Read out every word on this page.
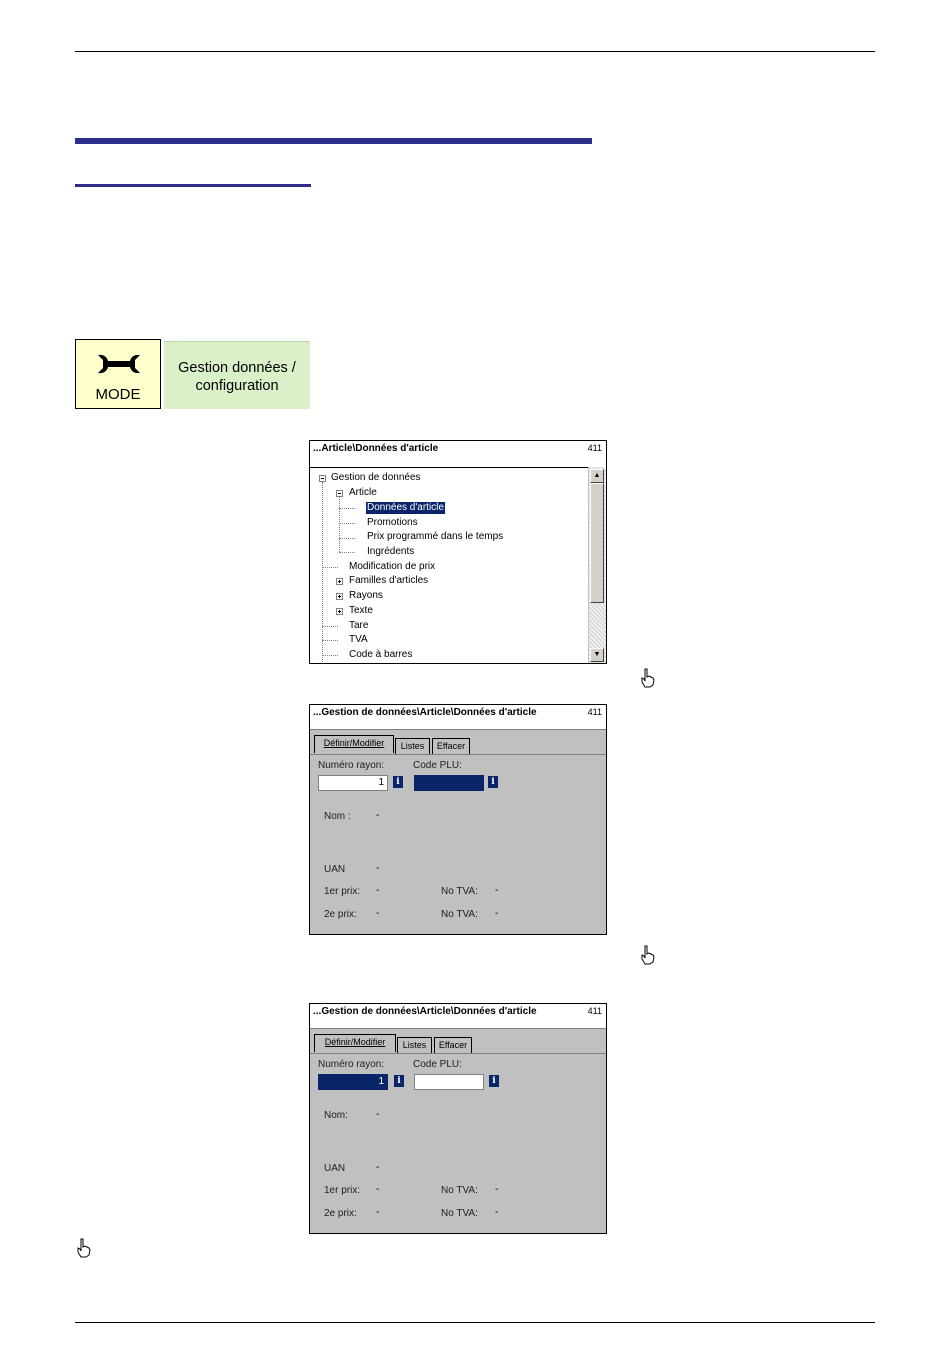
MODE
Gestion données /
configuration
...Article\Données d'article	411
Gestion de données
Article
Données d'article
Promotions
Prix programmé dans le temps
Ingrédents
Modification de prix
Familles d'articles
Rayons
Texte
Tare
TVA
Code à barres
▲
▼
...Gestion de données\Article\Données d'article	411
Définir/Modifier	Listes	Effacer
Numéro rayon:	Code PLU:
1	i	i
Nom :	-
UAN	-
1er prix: -	No TVA: -
2e prix: -	No TVA: -
...Gestion de données\Article\Données d'article	411
Définir/Modifier	Listes	Effacer
Numéro rayon:	Code PLU:
1	i	i
Nom:	-
UAN	-
1er prix: -	No TVA: -
2e prix: -	No TVA: -
